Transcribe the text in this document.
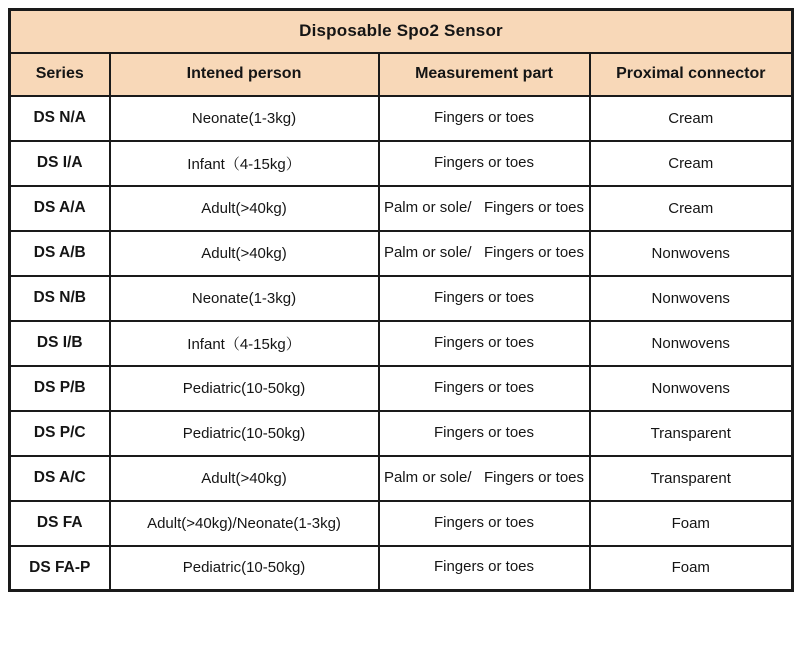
Disposable Spo2 Sensor			
Series	Intened person	Measurement part	Proximal connector
DS N/A	Neonate(1-3kg)	Fingers or toes	Cream
DS I/A	Infant（4-15kg）	Fingers or toes	Cream
DS A/A	Adult(>40kg)	Palm or sole/   Fingers or toes	Cream
DS A/B	Adult(>40kg)	Palm or sole/   Fingers or toes	Nonwovens
DS N/B	Neonate(1-3kg)	Fingers or toes	Nonwovens
DS I/B	Infant（4-15kg）	Fingers or toes	Nonwovens
DS P/B	Pediatric(10-50kg)	Fingers or toes	Nonwovens
DS P/C	Pediatric(10-50kg)	Fingers or toes	Transparent
DS A/C	Adult(>40kg)	Palm or sole/   Fingers or toes	Transparent
DS FA	Adult(>40kg)/Neonate(1-3kg)	Fingers or toes	Foam
DS FA-P	Pediatric(10-50kg)	Fingers or toes	Foam
